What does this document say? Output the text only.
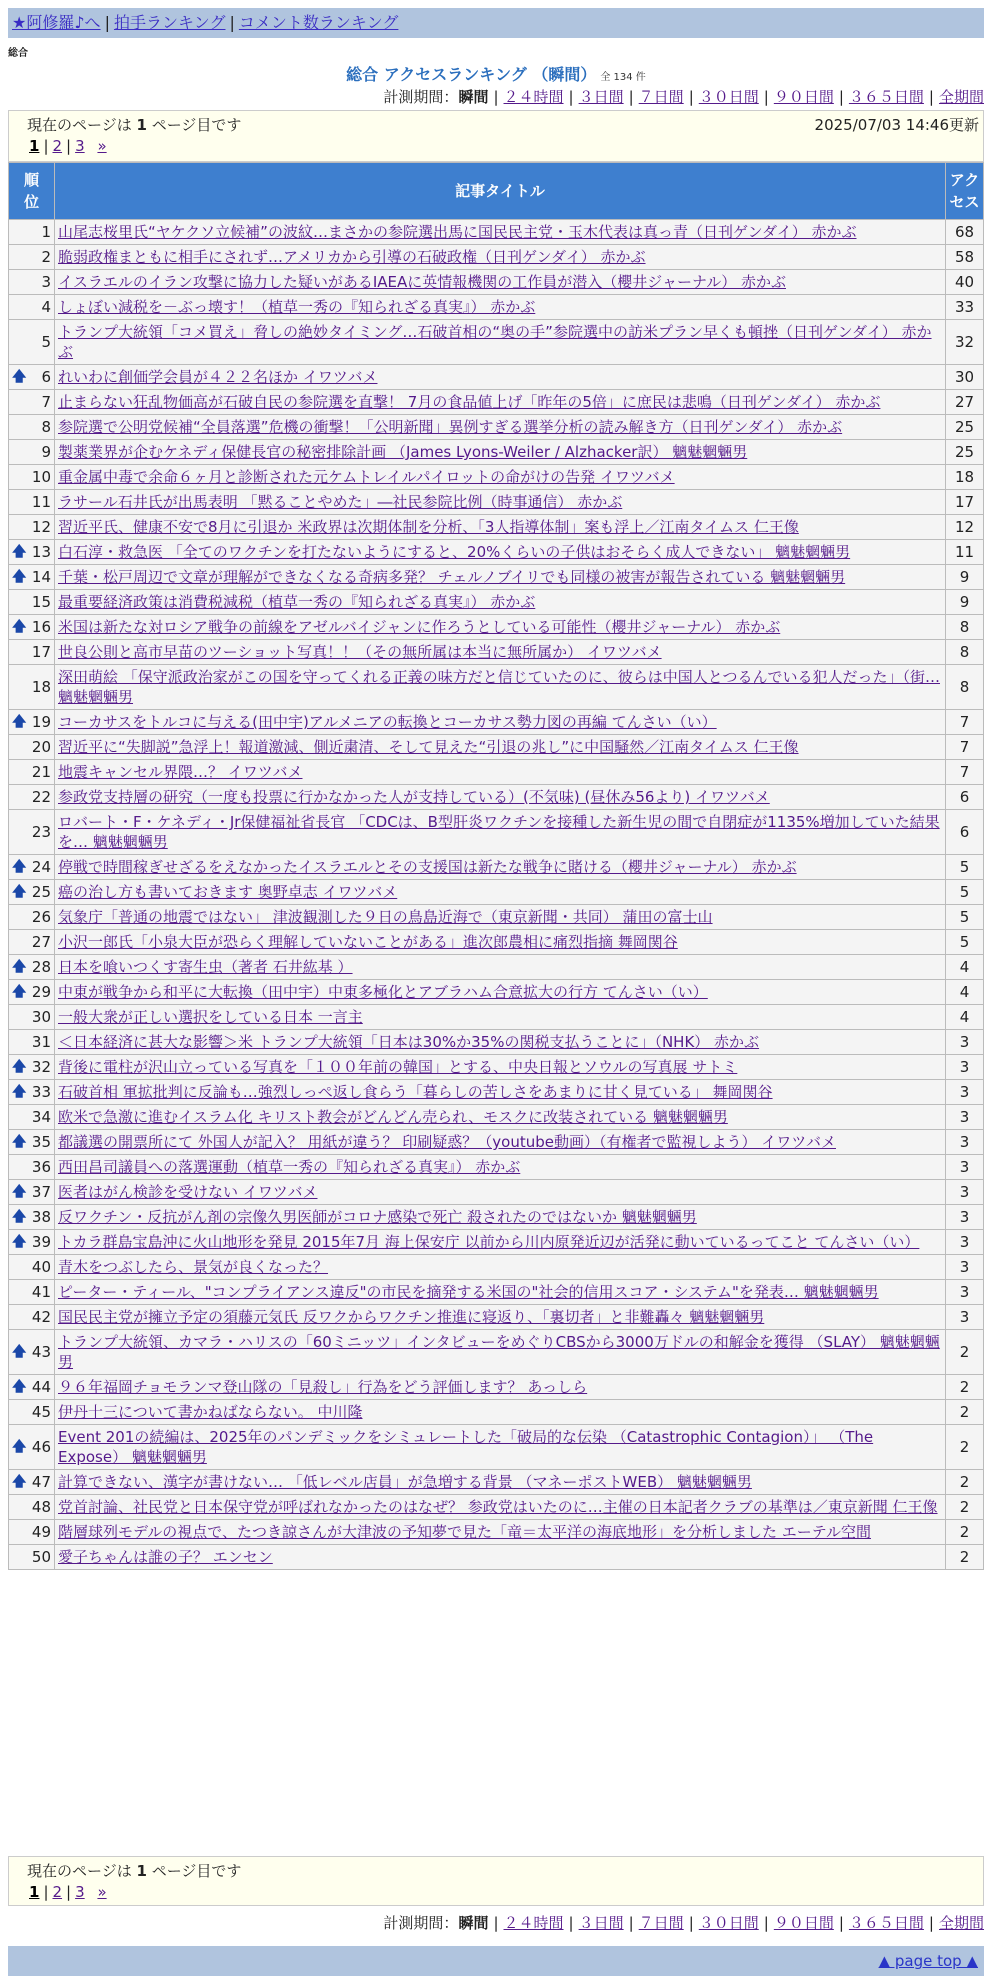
★阿修羅♪へ | 拍手ランキング | コメント数ランキング
総合
総合 アクセスランキング （瞬間） 全 134 件
計測期間：瞬間 | ２４時間 | ３日間 | ７日間 | ３０日間 | ９０日間 | ３６５日間 | 全期間
現在のページは 1 ページ目です	2025/07/03 14:46更新
1 | 2 | 3 »
順
位	記事タイトル	アク
セス
1	山尾志桜里氏“ヤケクソ立候補”の波紋…まさかの参院選出馬に国民民主党・玉木代表は真っ青（日刊ゲンダイ） 赤かぶ	68
2	脆弱政権まともに相手にされず…アメリカから引導の石破政権（日刊ゲンダイ） 赤かぶ	58
3	イスラエルのイラン攻撃に協力した疑いがあるIAEAに英情報機関の工作員が潜入（櫻井ジャーナル） 赤かぶ	40
4	しょぼい減税を－ぶっ壊す！（植草一秀の『知られざる真実』） 赤かぶ	33
5	トランプ大統領「コメ買え」脅しの絶妙タイミング…石破首相の“奥の手”参院選中の訪米プラン早くも頓挫（日刊ゲンダイ） 赤かぶ	32

🡅 6	れいわに創価学会員が４２２名ほか イワツバメ	30
7	止まらない狂乱物価高が石破自民の参院選を直撃！ 7月の食品値上げ「昨年の5倍」に庶民は悲鳴（日刊ゲンダイ） 赤かぶ	27
8	参院選で公明党候補“全員落選”危機の衝撃！「公明新聞」異例すぎる選挙分析の読み解き方（日刊ゲンダイ） 赤かぶ	25
9	製薬業界が企むケネディ保健長官の秘密排除計画 （James Lyons-Weiler / Alzhacker訳） 魑魅魍魎男	25
10	重金属中毒で余命６ヶ月と診断された元ケムトレイルパイロットの命がけの告発 イワツバメ	18
11	ラサール石井氏が出馬表明 「黙ることやめた」―社民参院比例（時事通信） 赤かぶ	17
12	習近平氏、健康不安で8月に引退か 米政界は次期体制を分析、「3人指導体制」案も浮上／江南タイムス 仁王像	12

🡅 13	白石淳・救急医 「全てのワクチンを打たないようにすると、20%くらいの子供はおそらく成人できない」 魑魅魍魎男	11

🡅 14	千葉・松戸周辺で文章が理解ができなくなる奇病多発？ チェルノブイリでも同様の被害が報告されている 魑魅魍魎男	9
15	最重要経済政策は消費税減税（植草一秀の『知られざる真実』） 赤かぶ	9

🡅 16	米国は新たな対ロシア戦争の前線をアゼルバイジャンに作ろうとしている可能性（櫻井ジャーナル） 赤かぶ	8
17	世良公則と高市早苗のツーショット写真！！（その無所属は本当に無所属か） イワツバメ	8
18	深田萌絵 「保守派政治家がこの国を守ってくれる正義の味方だと信じていたのに、彼らは中国人とつるんでいる犯人だった」（街… 魑魅魍魎男	8

🡅 19	コーカサスをトルコに与える(田中宇)アルメニアの転換とコーカサス勢力図の再編 てんさい（い）	7
20	習近平に“失脚説”急浮上！報道激減、側近粛清、そして見えた“引退の兆し”に中国騒然／江南タイムス 仁王像	7
21	地震キャンセル界隈…？ イワツバメ	7
22	参政党支持層の研究（一度も投票に行かなかった人が支持している）(不気味) (昼休み56より) イワツバメ	6
23	ロバート・F・ケネディ・Jr保健福祉省長官 「CDCは、B型肝炎ワクチンを接種した新生児の間で自閉症が1135%増加していた結果を… 魑魅魍魎男	6

🡅 24	停戦で時間稼ぎせざるをえなかったイスラエルとその支援国は新たな戦争に賭ける（櫻井ジャーナル） 赤かぶ	5

🡅 25	癌の治し方も書いておきます 奥野卓志 イワツバメ	5
26	気象庁「普通の地震ではない」 津波観測した９日の鳥島近海で（東京新聞・共同） 蒲田の富士山	5
27	小沢一郎氏「小泉大臣が恐らく理解していないことがある」進次郎農相に痛烈指摘 舞岡関谷	5

🡅 28	日本を喰いつくす寄生虫（著者 石井紘基 ）	4

🡅 29	中東が戦争から和平に大転換（田中宇）中東多極化とアブラハム合意拡大の行方 てんさい（い）	4
30	一般大衆が正しい選択をしている日本 一言主	4
31	＜日本経済に甚大な影響＞米 トランプ大統領「日本は30%か35%の関税支払うことに」（NHK） 赤かぶ	3

🡅 32	背後に電柱が沢山立っている写真を「１００年前の韓国」とする、中央日報とソウルの写真展 サトミ	3

🡅 33	石破首相 軍拡批判に反論も…強烈しっぺ返し食らう「暮らしの苦しさをあまりに甘く見ている」 舞岡関谷	3
34	欧米で急激に進むイスラム化 キリスト教会がどんどん売られ、モスクに改装されている 魑魅魍魎男	3

🡅 35	都議選の開票所にて 外国人が記入？ 用紙が違う？ 印刷疑惑？（youtube動画）（有権者で監視しよう） イワツバメ	3
36	西田昌司議員への落選運動（植草一秀の『知られざる真実』） 赤かぶ	3

🡅 37	医者はがん検診を受けない イワツバメ	3

🡅 38	反ワクチン・反抗がん剤の宗像久男医師がコロナ感染で死亡 殺されたのではないか 魑魅魍魎男	3

🡅 39	トカラ群島宝島沖に火山地形を発見 2015年7月 海上保安庁 以前から川内原発近辺が活発に動いているってこと てんさい（い）	3
40	青木をつぶしたら、景気が良くなった？	3
41	ピーター・ティール、"コンプライアンス違反"の市民を摘発する米国の"社会的信用スコア・システム"を発表… 魑魅魍魎男	3
42	国民民主党が擁立予定の須藤元気氏 反ワクからワクチン推進に寝返り、「裏切者」と非難轟々 魑魅魍魎男	3

🡅 43	トランプ大統領、カマラ・ハリスの「60ミニッツ」インタビューをめぐりCBSから3000万ドルの和解金を獲得 （SLAY） 魑魅魍魎男	2

🡅 44	９６年福岡チョモランマ登山隊の「見殺し」行為をどう評価します？ あっしら	2
45	伊丹十三について書かねばならない。 中川隆	2

🡅 46	Event 201の続編は、2025年のパンデミックをシミュレートした「破局的な伝染 （Catastrophic Contagion）」 （The Expose） 魑魅魍魎男	2

🡅 47	計算できない、漢字が書けない… 「低レベル店員」が急増する背景 （マネーポストWEB） 魑魅魍魎男	2
48	党首討論、社民党と日本保守党が呼ばれなかったのはなぜ？ 参政党はいたのに…主催の日本記者クラブの基準は／東京新聞 仁王像	2
49	階層球列モデルの視点で、たつき諒さんが大津波の予知夢で見た「竜＝太平洋の海底地形」を分析しました エーテル空間	2
50	愛子ちゃんは誰の子？ エンセン	2
現在のページは 1 ページ目です
1 | 2 | 3 »
計測期間：瞬間 | ２４時間 | ３日間 | ７日間 | ３０日間 | ９０日間 | ３６５日間 | 全期間
▲ page top ▲
